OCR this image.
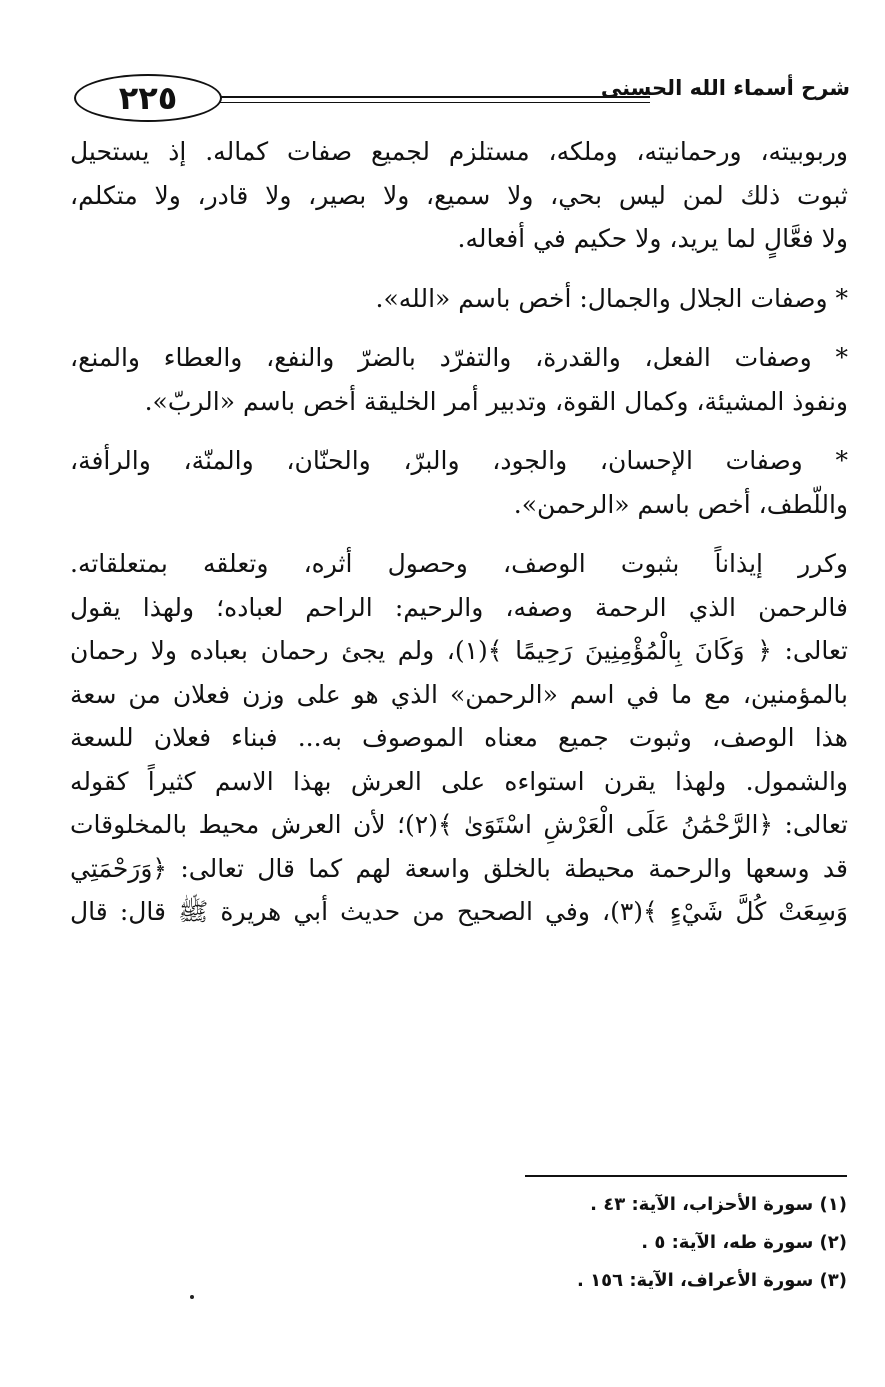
٢٢٥	شرح أسماء الله الحسنى
وربوبيته، ورحمانيته، وملكه، مستلزم لجميع صفات كماله. إذ يستحيل
ثبوت ذلك لمن ليس بحي، ولا سميع، ولا بصير، ولا قادر، ولا متكلم،
ولا فعَّالٍ لما يريد، ولا حكيم في أفعاله.
* وصفات الجلال والجمال: أخص باسم «الله».
* وصفات الفعل، والقدرة، والتفرّد بالضرّ والنفع، والعطاء والمنع،
ونفوذ المشيئة، وكمال القوة، وتدبير أمر الخليقة أخص باسم «الربّ».
* وصفات الإحسان، والجود، والبرّ، والحنّان، والمنّة، والرأفة،
واللّطف، أخص باسم «الرحمن».
وكرر إيذاناً بثبوت الوصف، وحصول أثره، وتعلقه بمتعلقاته.
فالرحمن الذي الرحمة وصفه، والرحيم: الراحم لعباده؛ ولهذا يقول
تعالى: ﴿ وَكَانَ بِالْمُؤْمِنِينَ رَحِيمًا ﴾(١)، ولم يجئ رحمان بعباده ولا رحمان
بالمؤمنين، مع ما في اسم «الرحمن» الذي هو على وزن فعلان من سعة
هذا الوصف، وثبوت جميع معناه الموصوف به... فبناء فعلان للسعة
والشمول. ولهذا يقرن استواءه على العرش بهذا الاسم كثيراً كقوله
تعالى: ﴿الرَّحْمَٰنُ عَلَى الْعَرْشِ اسْتَوَىٰ ﴾(٢)؛ لأن العرش محيط بالمخلوقات
قد وسعها والرحمة محيطة بالخلق واسعة لهم كما قال تعالى: ﴿وَرَحْمَتِي
وَسِعَتْ كُلَّ شَيْءٍ ﴾(٣)، وفي الصحيح من حديث أبي هريرة ﷺ قال: قال
(١) سورة الأحزاب، الآية: ٤٣ .
(٢) سورة طه، الآية: ٥ .
(٣) سورة الأعراف، الآية: ١٥٦ .
